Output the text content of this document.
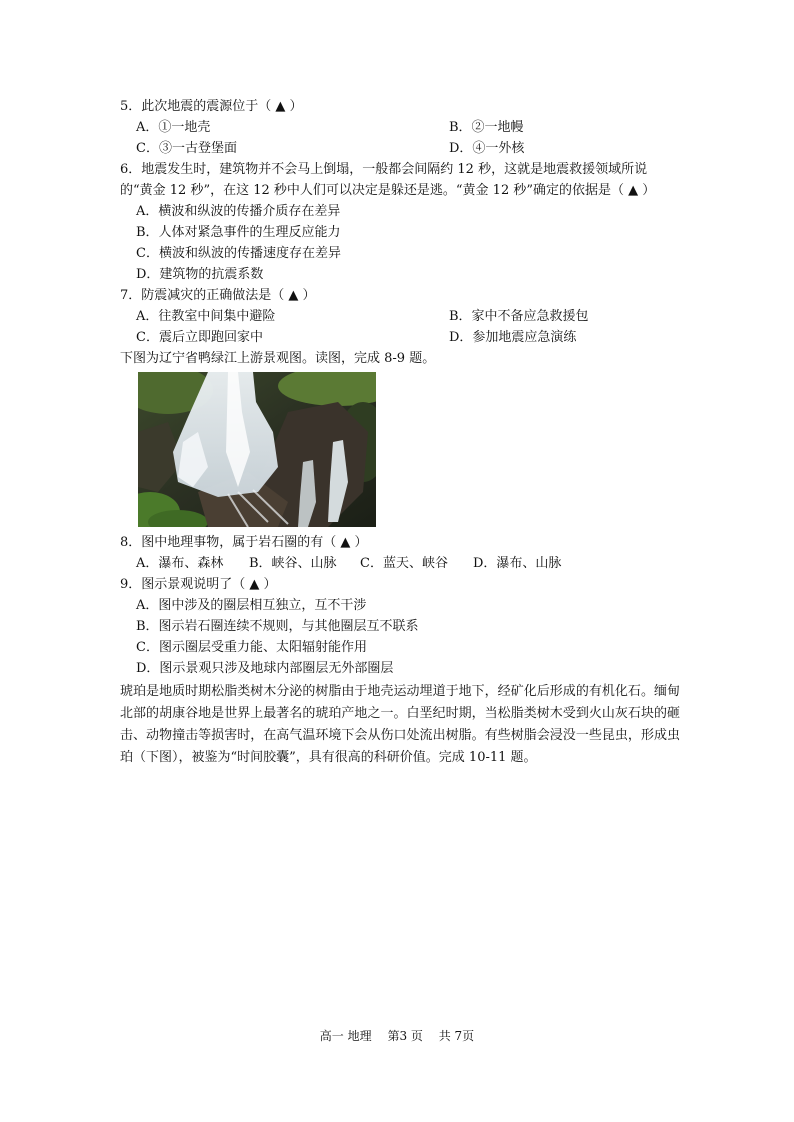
5．此次地震的震源位于（ ▲ ）
A．①一地壳	B．②一地幔
C．③一古登堡面	D．④一外核
6．地震发生时，建筑物并不会马上倒塌，一般都会间隔约 12 秒，这就是地震救援领域所说
的“黄金 12 秒”，在这 12 秒中人们可以决定是躲还是逃。“黄金 12 秒”确定的依据是（ ▲ ）
A．横波和纵波的传播介质存在差异
B．人体对紧急事件的生理反应能力
C．横波和纵波的传播速度存在差异
D．建筑物的抗震系数
7．防震减灾的正确做法是（ ▲ ）
A．往教室中间集中避险	B．家中不备应急救援包
C．震后立即跑回家中	D．参加地震应急演练
下图为辽宁省鸭绿江上游景观图。读图，完成 8-9 题。
8．图中地理事物，属于岩石圈的有（ ▲ ）
A．瀑布、森林 B．峡谷、山脉 C．蓝天、峡谷 D．瀑布、山脉
9．图示景观说明了（ ▲ ）
A．图中涉及的圈层相互独立，互不干涉
B．图示岩石圈连续不规则，与其他圈层互不联系
C．图示圈层受重力能、太阳辐射能作用
D．图示景观只涉及地球内部圈层无外部圈层
琥珀是地质时期松脂类树木分泌的树脂由于地壳运动埋道于地下，经矿化后形成的有机化石。缅甸北部的胡康谷地是世界上最著名的琥珀产地之一。白垩纪时期，当松脂类树木受到火山灰石块的砸击、动物撞击等损害时，在高气温环境下会从伤口处流出树脂。有些树脂会浸没一些昆虫，形成虫珀（下图），被鉴为“时间胶囊”，具有很高的科研价值。完成 10-11 题。
高一 地理 第3 页 共 7页
